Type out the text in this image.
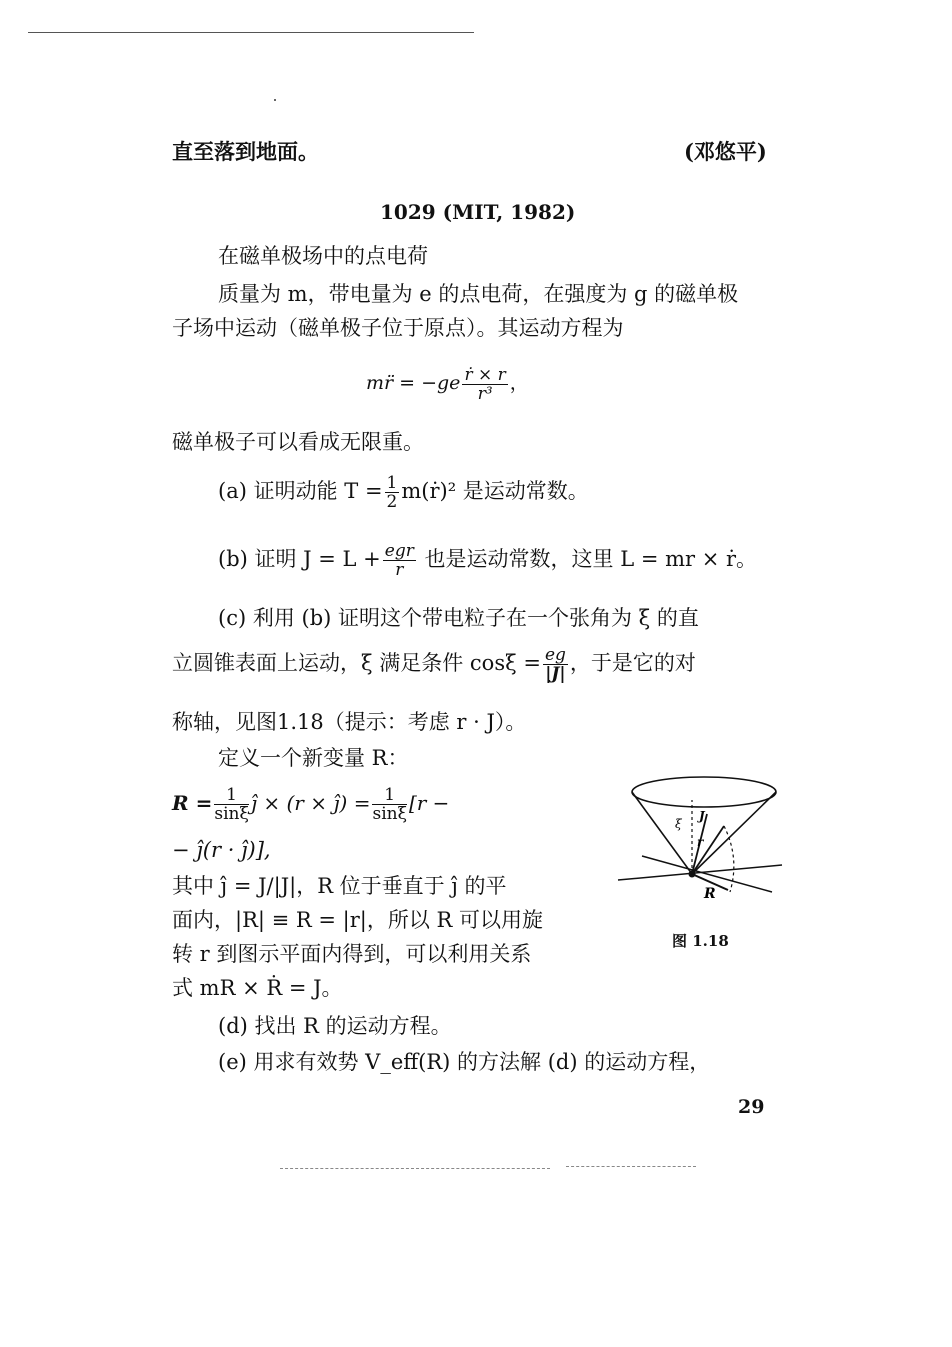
直至落到地面。	(邓悠平)
1029 (MIT, 1982)
在磁单极场中的点电荷
质量为 m，带电量为 e 的点电荷，在强度为 g 的磁单极
子场中运动（磁单极子位于原点）。其运动方程为
mr̈ = $-ge \frac{\text{ṙ × r}}{\text{r³}}$ ，
磁单极子可以看成无限重。
(a) 证明动能 $T = \frac{1}{2}$ m(ṙ)² 是运动常数。
(b) 证明 $J = L + \frac{\text{egr}}{r}$ 也是运动常数，这里 L = mr × ṙ。
(c) 利用 (b) 证明这个带电粒子在一个张角为 ξ 的直
立圆锥表面上运动，ξ 满足条件 $\cos\xi = \frac{eg}{|J|}$ ，于是它的对
称轴，见图1.18（提示：考虑 r · J）。
定义一个新变量 R：
$R = \frac{1}{\sin\xi}$ ĵ × (r × ĵ) = $\frac{1}{\sin\xi} [r$ −
− ĵ(r · ĵ)],
其中 ĵ = J/|J|，R 位于垂直于 ĵ 的平
面内，|R| ≡ R = |r|，所以 R 可以用旋
转 r 到图示平面内得到，可以利用关系
式 mR × Ṙ = J。
(d) 找出 R 的运动方程。
(e) 用求有效势 V_eff(R) 的方法解 (d) 的运动方程，
R
J
ξ
r
图 1.18
29
